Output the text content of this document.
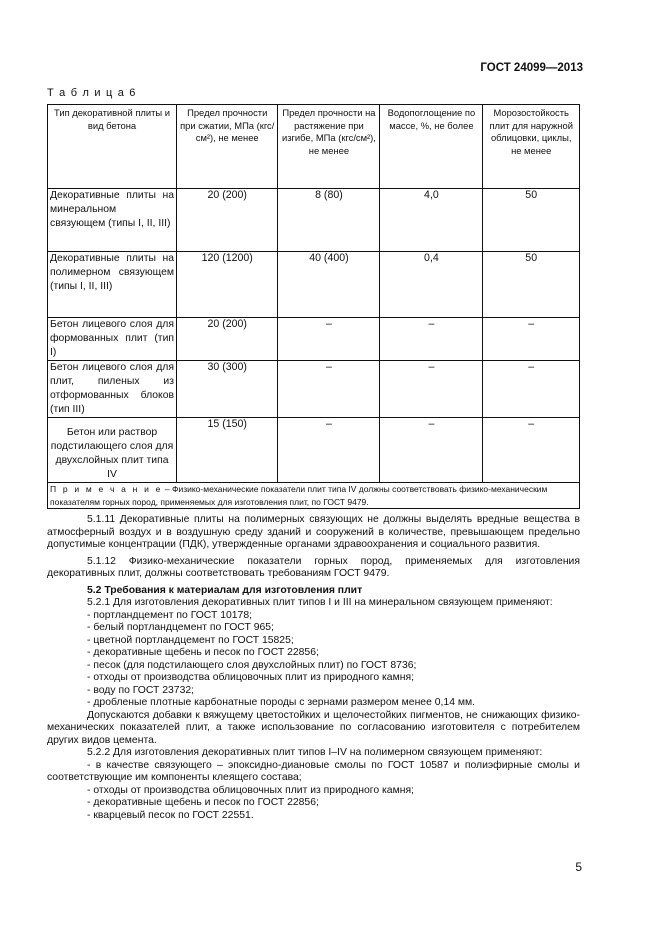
ГОСТ 24099—2013
Т а б л и ц а 6
Тип декоративной плиты и вид бетона	Предел прочности при сжатии, МПа (кгс/см²), не менее	Предел прочности на растяжение при изгибе, МПа (кгс/см²), не менее	Водопоглощение по массе, %, не более	Морозостойкость плит для наружной облицовки, циклы, не менее
Декоративные плиты на минеральном связующем (типы I, II, III)	20 (200)	8 (80)	4,0	50
Декоративные плиты на полимерном связующем (типы I, II, III)	120 (1200)	40 (400)	0,4	50
Бетон лицевого слоя для формованных плит (тип I)	20 (200)	–	–	–
Бетон лицевого слоя для плит, пиленых из отформованных блоков (тип III)	30 (300)	–	–	–
Бетон или раствор подстилающего слоя для двухслойных плит типа IV	15 (150)	–	–	–
П р и м е ч а н и е – Физико-механические показатели плит типа IV должны соответствовать физико-механическим показателям горных пород, применяемых для изготовления плит, по ГОСТ 9479.				

5.1.11 Декоративные плиты на полимерных связующих не должны выделять вредные вещества в атмосферный воздух и в воздушную среду зданий и сооружений в количестве, превышающем предельно допустимые концентрации (ПДК), утвержденные органами здравоохранения и социального развития.

5.1.12 Физико-механические показатели горных пород, применяемых для изготовления декоративных плит, должны соответствовать требованиям ГОСТ 9479.

5.2 Требования к материалам для изготовления плит

5.2.1 Для изготовления декоративных плит типов I и III на минеральном связующем применяют:

- портландцемент по ГОСТ 10178;

- белый портландцемент по ГОСТ 965;

- цветной портландцемент по ГОСТ 15825;

- декоративные щебень и песок по ГОСТ 22856;

- песок (для подстилающего слоя двухслойных плит) по ГОСТ 8736;

- отходы от производства облицовочных плит из природного камня;

- воду по ГОСТ 23732;

- дробленые плотные карбонатные породы с зернами размером менее 0,14 мм.

Допускаются добавки к вяжущему цветостойких и щелочестойких пигментов, не снижающих физико-механических показателей плит, а также использование по согласованию изготовителя с потребителем других видов цемента.

5.2.2 Для изготовления декоративных плит типов I–IV на полимерном связующем применяют:

- в качестве связующего – эпоксидно-диановые смолы по ГОСТ 10587 и полиэфирные смолы и соответствующие им компоненты клеящего состава;

- отходы от производства облицовочных плит из природного камня;

- декоративные щебень и песок по ГОСТ 22856;

- кварцевый песок по ГОСТ 22551.

5
